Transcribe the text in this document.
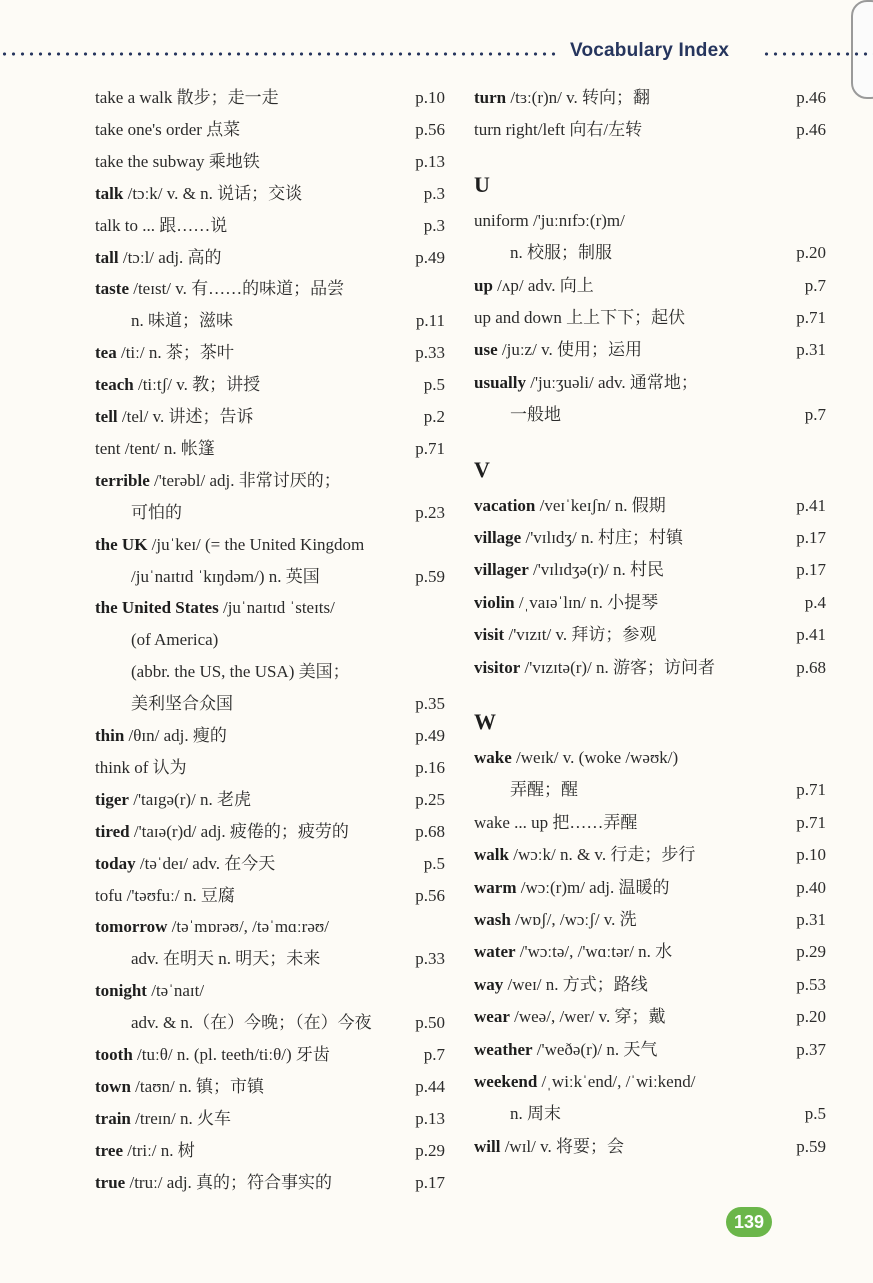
Vocabulary Index
take a walk 散步；走一走	p.10
take one's order 点菜	p.56
take the subway 乘地铁	p.13
talk /tɔːk/ v. & n. 说话；交谈	p.3
talk to ... 跟……说	p.3
tall /tɔːl/ adj. 高的	p.49
taste /teɪst/ v. 有……的味道；品尝
n. 味道；滋味	p.11
tea /tiː/ n. 茶；茶叶	p.33
teach /tiːtʃ/ v. 教；讲授	p.5
tell /tel/ v. 讲述；告诉	p.2
tent /tent/ n. 帐篷	p.71
terrible /'terəbl/ adj. 非常讨厌的；
可怕的	p.23
the UK /juˈkeɪ/ (= the United Kingdom
/juˈnaɪtɪd ˈkɪŋdəm/) n. 英国	p.59
the United States /juˈnaɪtɪd ˈsteɪts/
(of America)
(abbr. the US, the USA) 美国；
美利坚合众国	p.35
thin /θɪn/ adj. 瘦的	p.49
think of 认为	p.16
tiger /'taɪgə(r)/ n. 老虎	p.25
tired /'taɪə(r)d/ adj. 疲倦的；疲劳的	p.68
today /təˈdeɪ/ adv. 在今天	p.5
tofu /'təʊfuː/ n. 豆腐	p.56
tomorrow /təˈmɒrəʊ/, /təˈmɑːrəʊ/
adv. 在明天 n. 明天；未来	p.33
tonight /təˈnaɪt/
adv. & n.（在）今晚；（在）今夜	p.50
tooth /tuːθ/ n. (pl. teeth/tiːθ/) 牙齿	p.7
town /taʊn/ n. 镇；市镇	p.44
train /treɪn/ n. 火车	p.13
tree /triː/ n. 树	p.29
true /truː/ adj. 真的；符合事实的	p.17
turn /tɜː(r)n/ v. 转向；翻	p.46
turn right/left 向右/左转	p.46
U
uniform /'juːnɪfɔː(r)m/
n. 校服；制服	p.20
up /ʌp/ adv. 向上	p.7
up and down 上上下下；起伏	p.71
use /juːz/ v. 使用；运用	p.31
usually /'juːʒuəli/ adv. 通常地；
一般地	p.7
V
vacation /veɪˈkeɪʃn/ n. 假期	p.41
village /'vɪlɪdʒ/ n. 村庄；村镇	p.17
villager /'vɪlɪdʒə(r)/ n. 村民	p.17
violin /ˌvaɪəˈlɪn/ n. 小提琴	p.4
visit /'vɪzɪt/ v. 拜访；参观	p.41
visitor /'vɪzɪtə(r)/ n. 游客；访问者	p.68
W
wake /weɪk/ v. (woke /wəʊk/)
弄醒；醒	p.71
wake ... up 把……弄醒	p.71
walk /wɔːk/ n. & v. 行走；步行	p.10
warm /wɔː(r)m/ adj. 温暖的	p.40
wash /wɒʃ/, /wɔːʃ/ v. 洗	p.31
water /'wɔːtə/, /'wɑːtər/ n. 水	p.29
way /weɪ/ n. 方式；路线	p.53
wear /weə/, /wer/ v. 穿；戴	p.20
weather /'weðə(r)/ n. 天气	p.37
weekend /ˌwiːkˈend/, /ˈwiːkend/
n. 周末	p.5
will /wɪl/ v. 将要；会	p.59
139
